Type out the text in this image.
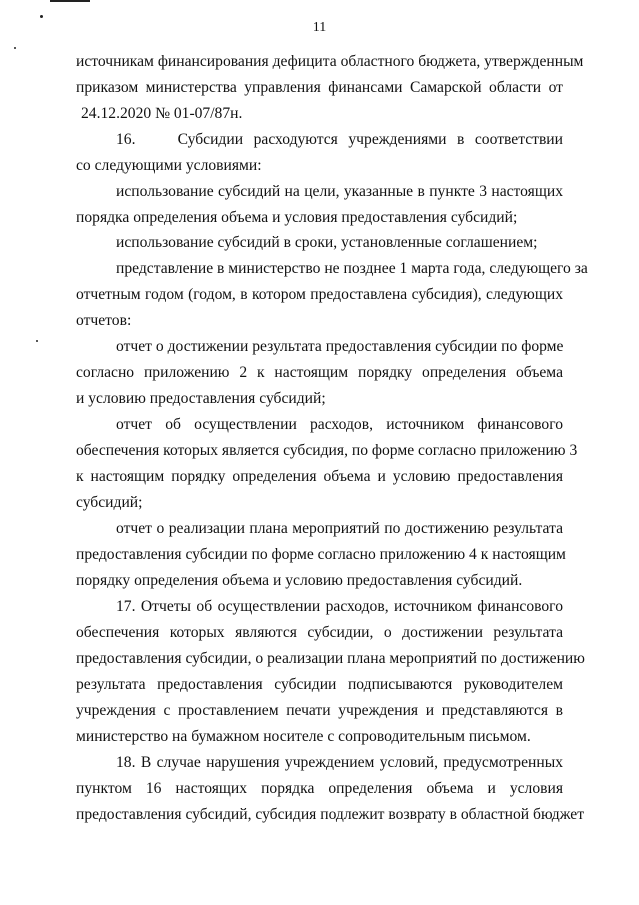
11
источникам финансирования дефицита областного бюджета, утвержденным
приказом министерства управления финансами Самарской области от
24.12.2020 № 01-07/87н.
16.    Субсидии расходуются учреждениями в соответствии
со следующими условиями:
использование субсидий на цели, указанные в пункте 3 настоящих
порядка определения объема и условия предоставления субсидий;
использование субсидий в сроки, установленные соглашением;
представление в министерство не позднее 1 марта года, следующего за
отчетным годом (годом, в котором предоставлена субсидия), следующих
отчетов:
отчет о достижении результата предоставления субсидии по форме
согласно приложению 2 к настоящим порядку определения объема
и условию предоставления субсидий;
отчет об осуществлении расходов, источником финансового
обеспечения которых является субсидия, по форме согласно приложению 3
к настоящим порядку определения объема и условию предоставления
субсидий;
отчет о реализации плана мероприятий по достижению результата
предоставления субсидии по форме согласно приложению 4 к настоящим
порядку определения объема и условию предоставления субсидий.
17. Отчеты об осуществлении расходов, источником финансового
обеспечения которых являются субсидии, о достижении результата
предоставления субсидии, о реализации плана мероприятий по достижению
результата предоставления субсидии подписываются руководителем
учреждения с проставлением печати учреждения и представляются в
министерство на бумажном носителе с сопроводительным письмом.
18. В случае нарушения учреждением условий, предусмотренных
пунктом 16 настоящих порядка определения объема и условия
предоставления субсидий, субсидия подлежит возврату в областной бюджет
